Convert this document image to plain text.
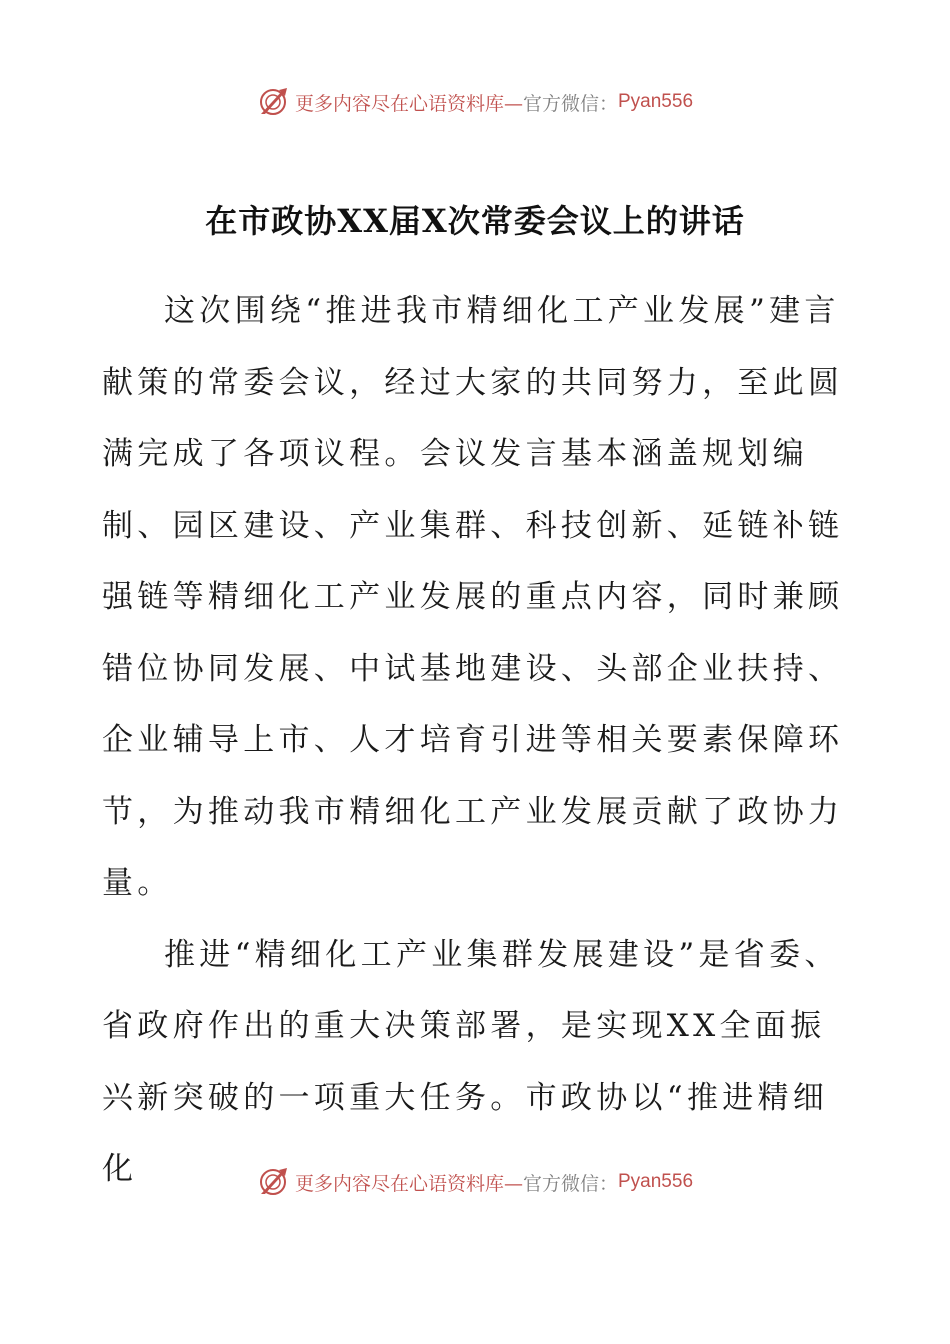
更多内容尽在心语资料库— 官方微信： Pyan556
在市政协XX届X次常委会议上的讲话

这次围绕“推进我市精细化工产业发展”建言献策的常委会议，经过大家的共同努力，至此圆满完成了各项议程。会议发言基本涵盖规划编制、园区建设、产业集群、科技创新、延链补链强链等精细化工产业发展的重点内容，同时兼顾错位协同发展、中试基地建设、头部企业扶持、企业辅导上市、人才培育引进等相关要素保障环节，为推动我市精细化工产业发展贡献了政协力量。

推进“精细化工产业集群发展建设”是省委、省政府作出的重大决策部署，是实现XX全面振兴新突破的一项重大任务。市政协以“推进精细化	更多内容尽在心语资料库— 官方微信： Pyan556
